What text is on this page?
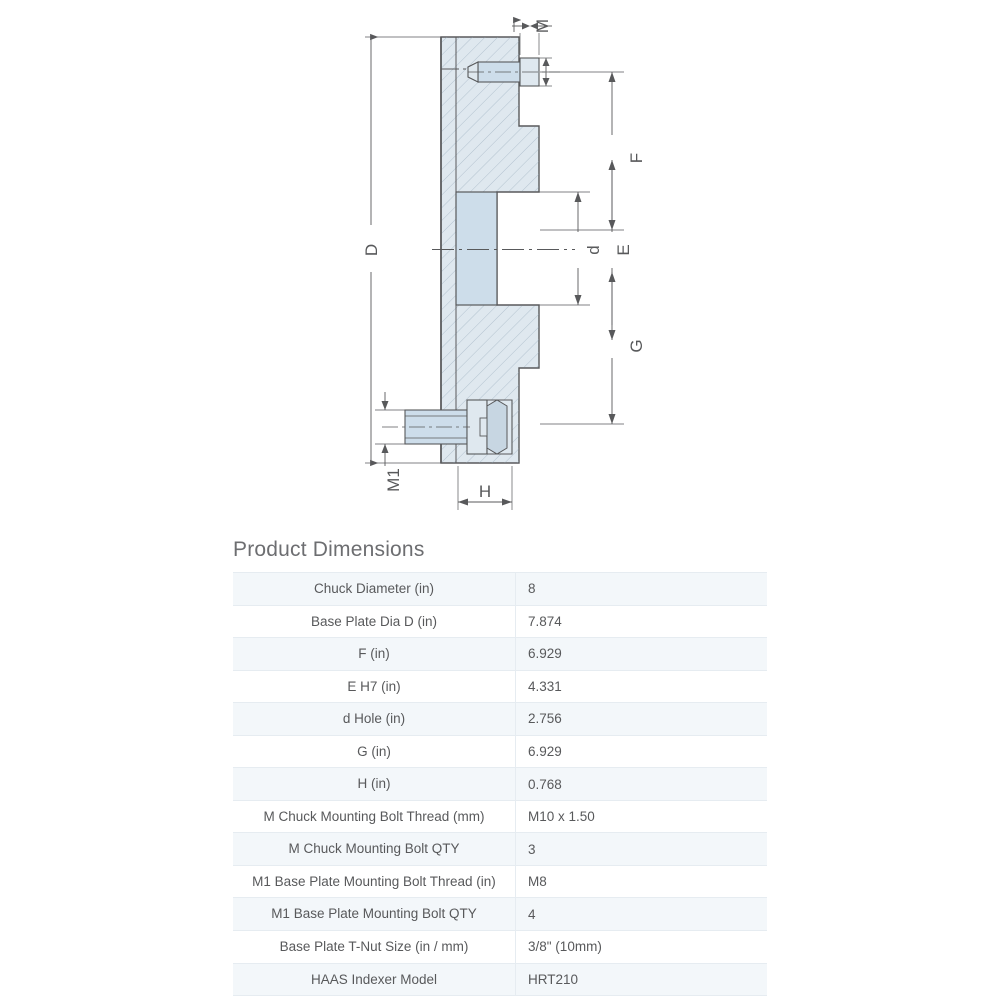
D
M
F
d E
G
M1	H
Product Dimensions
Chuck Diameter (in)	8
Base Plate Dia D (in)	7.874
F (in)	6.929
E H7 (in)	4.331
d Hole (in)	2.756
G (in)	6.929
H (in)	0.768
M Chuck Mounting Bolt Thread (mm)	M10 x 1.50
M Chuck Mounting Bolt QTY	3
M1 Base Plate Mounting Bolt Thread (in)	M8
M1 Base Plate Mounting Bolt QTY	4
Base Plate T-Nut Size (in / mm)	3/8" (10mm)
HAAS Indexer Model	HRT210
